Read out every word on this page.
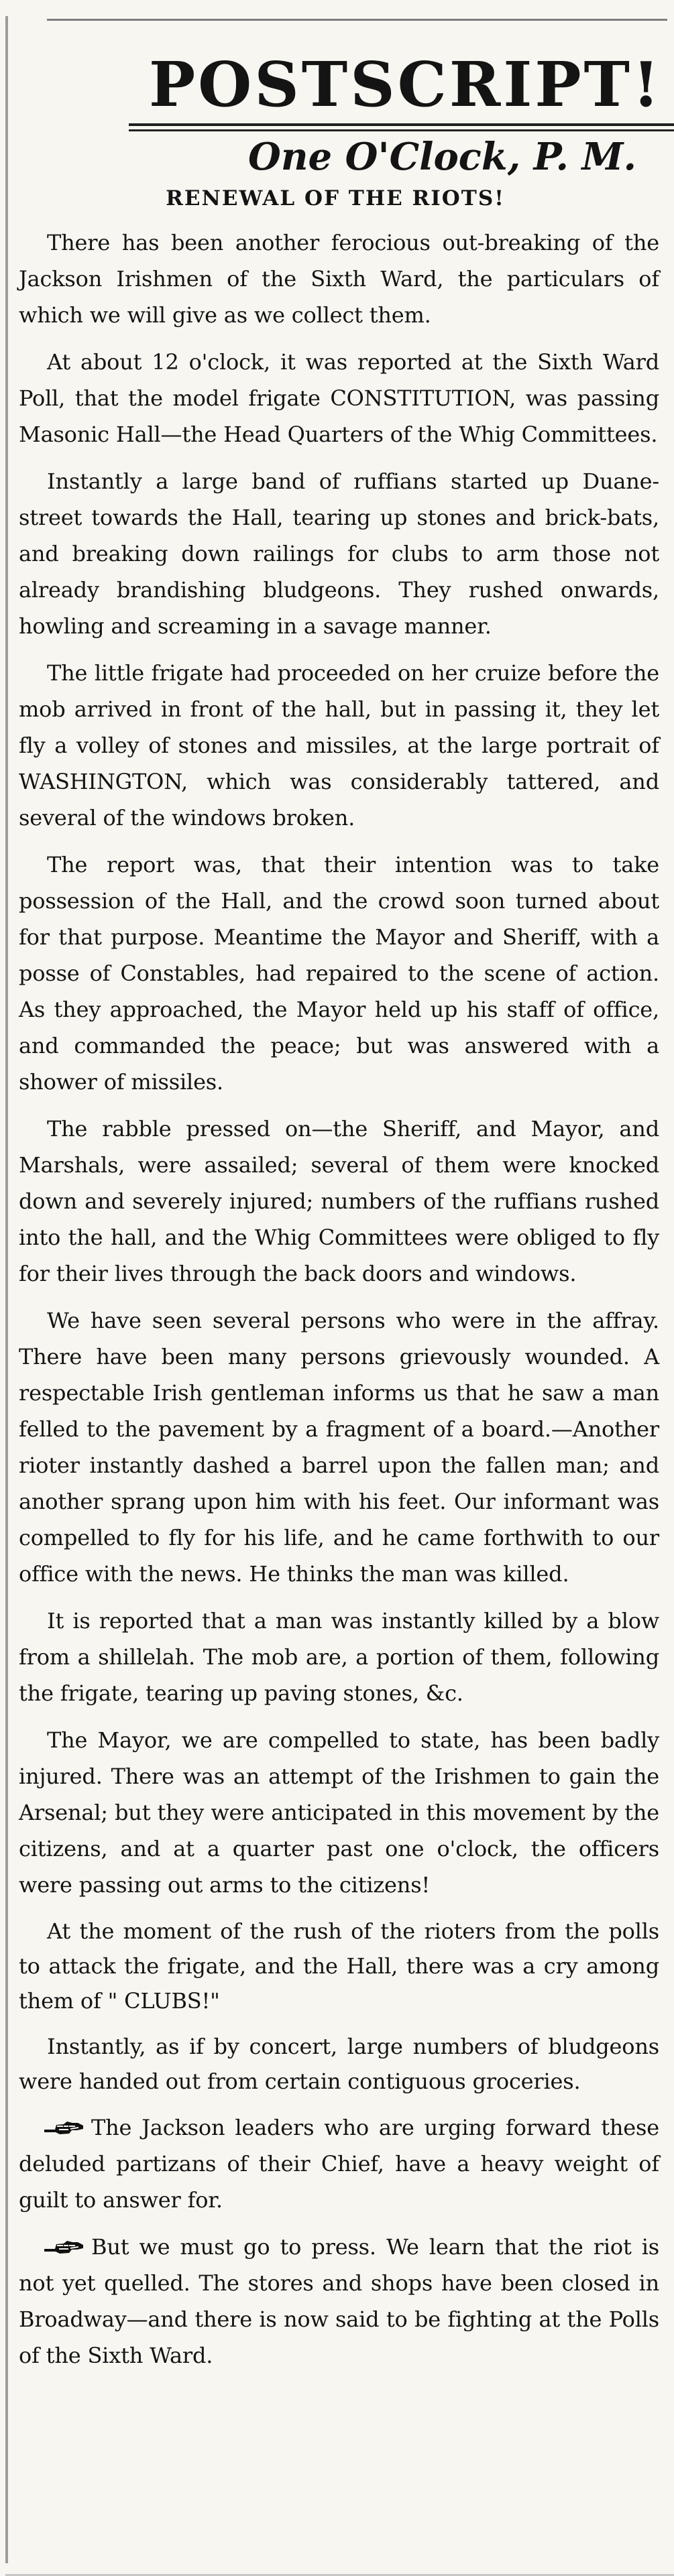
POSTSCRIPT!
One O'Clock, P. M.
RENEWAL OF THE RIOTS!

There has been another ferocious out-breaking of the Jackson Irishmen of the Sixth Ward, the particulars of which we will give as we collect them.

At about 12 o'clock, it was reported at the Sixth Ward Poll, that the model frigate CONSTITUTION, was passing Masonic Hall—the Head Quarters of the Whig Committees.

Instantly a large band of ruffians started up Duane-street towards the Hall, tearing up stones and brick-bats, and breaking down railings for clubs to arm those not already brandishing bludgeons. They rushed onwards, howling and screaming in a savage manner.

The little frigate had proceeded on her cruize before the mob arrived in front of the hall, but in passing it, they let fly a volley of stones and missiles, at the large portrait of WASHINGTON, which was considerably tattered, and several of the windows broken.

The report was, that their intention was to take possession of the Hall, and the crowd soon turned about for that purpose. Meantime the Mayor and Sheriff, with a posse of Constables, had repaired to the scene of action. As they approached, the Mayor held up his staff of office, and commanded the peace; but was answered with a shower of missiles.

The rabble pressed on—the Sheriff, and Mayor, and Marshals, were assailed; several of them were knocked down and severely injured; numbers of the ruffians rushed into the hall, and the Whig Committees were obliged to fly for their lives through the back doors and windows.

We have seen several persons who were in the affray. There have been many persons grievously wounded. A respectable Irish gentleman informs us that he saw a man felled to the pavement by a fragment of a board.—Another rioter instantly dashed a barrel upon the fallen man; and another sprang upon him with his feet. Our informant was compelled to fly for his life, and he came forthwith to our office with the news. He thinks the man was killed.

It is reported that a man was instantly killed by a blow from a shillelah. The mob are, a portion of them, following the frigate, tearing up paving stones, &c.

The Mayor, we are compelled to state, has been badly injured. There was an attempt of the Irishmen to gain the Arsenal; but they were anticipated in this movement by the citizens, and at a quarter past one o'clock, the officers were passing out arms to the citizens!

At the moment of the rush of the rioters from the polls to attack the frigate, and the Hall, there was a cry among them of " CLUBS!"

Instantly, as if by concert, large numbers of bludgeons were handed out from certain contiguous groceries.

The Jackson leaders who are urging forward these deluded partizans of their Chief, have a heavy weight of guilt to answer for.

But we must go to press. We learn that the riot is not yet quelled. The stores and shops have been closed in Broadway—and there is now said to be fighting at the Polls of the Sixth Ward.
